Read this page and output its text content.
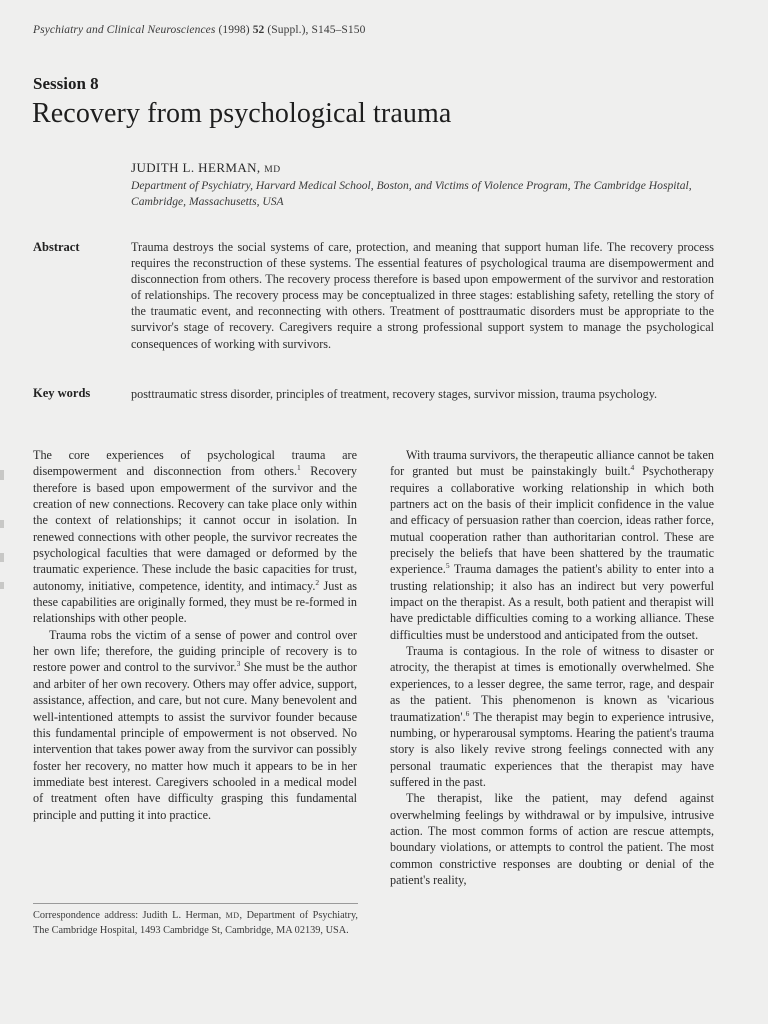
Psychiatry and Clinical Neurosciences (1998) 52 (Suppl.), S145–S150
Session 8
Recovery from psychological trauma
JUDITH L. HERMAN, MD
Department of Psychiatry, Harvard Medical School, Boston, and Victims of Violence Program, The Cambridge Hospital, Cambridge, Massachusetts, USA
Abstract	Trauma destroys the social systems of care, protection, and meaning that support human life. The recovery process requires the reconstruction of these systems. The essential features of psychological trauma are disempowerment and disconnection from others. The recovery process therefore is based upon empowerment of the survivor and restoration of relationships. The recovery process may be conceptualized in three stages: establishing safety, retelling the story of the traumatic event, and reconnecting with others. Treatment of posttraumatic disorders must be appropriate to the survivor's stage of recovery. Caregivers require a strong professional support system to manage the psychological consequences of working with survivors.
Key words	posttraumatic stress disorder, principles of treatment, recovery stages, survivor mission, trauma psychology.

The core experiences of psychological trauma are disempowerment and disconnection from others.$^1$ Recovery therefore is based upon empowerment of the survivor and the creation of new connections. Recovery can take place only within the context of relationships; it cannot occur in isolation. In renewed connections with other people, the survivor recreates the psychological faculties that were damaged or deformed by the traumatic experience. These include the basic capacities for trust, autonomy, initiative, competence, identity, and intimacy.$^2$ Just as these capabilities are originally formed, they must be re-formed in relationships with other people.

Trauma robs the victim of a sense of power and control over her own life; therefore, the guiding principle of recovery is to restore power and control to the survivor.$^3$ She must be the author and arbiter of her own recovery. Others may offer advice, support, assistance, affection, and care, but not cure. Many benevolent and well-intentioned attempts to assist the survivor founder because this fundamental principle of empowerment is not observed. No intervention that takes power away from the survivor can possibly foster her recovery, no matter how much it appears to be in her immediate best interest. Caregivers schooled in a medical model of treatment often have difficulty grasping this fundamental principle and putting it into practice.

With trauma survivors, the therapeutic alliance cannot be taken for granted but must be painstakingly built.$^4$ Psychotherapy requires a collaborative working relationship in which both partners act on the basis of their implicit confidence in the value and efficacy of persuasion rather than coercion, ideas rather force, mutual cooperation rather than authoritarian control. These are precisely the beliefs that have been shattered by the traumatic experience.$^5$ Trauma damages the patient's ability to enter into a trusting relationship; it also has an indirect but very powerful impact on the therapist. As a result, both patient and therapist will have predictable difficulties coming to a working alliance. These difficulties must be understood and anticipated from the outset.

Trauma is contagious. In the role of witness to disaster or atrocity, the therapist at times is emotionally overwhelmed. She experiences, to a lesser degree, the same terror, rage, and despair as the patient. This phenomenon is known as 'vicarious traumatization'.$^6$ The therapist may begin to experience intrusive, numbing, or hyperarousal symptoms. Hearing the patient's trauma story is also likely revive strong feelings connected with any personal traumatic experiences that the therapist may have suffered in the past.

The therapist, like the patient, may defend against overwhelming feelings by withdrawal or by impulsive, intrusive action. The most common forms of action are rescue attempts, boundary violations, or attempts to control the patient. The most common constrictive responses are doubting or denial of the patient's reality,

Correspondence address: Judith L. Herman, MD, Department of Psychiatry, The Cambridge Hospital, 1493 Cambridge St, Cambridge, MA 02139, USA.
